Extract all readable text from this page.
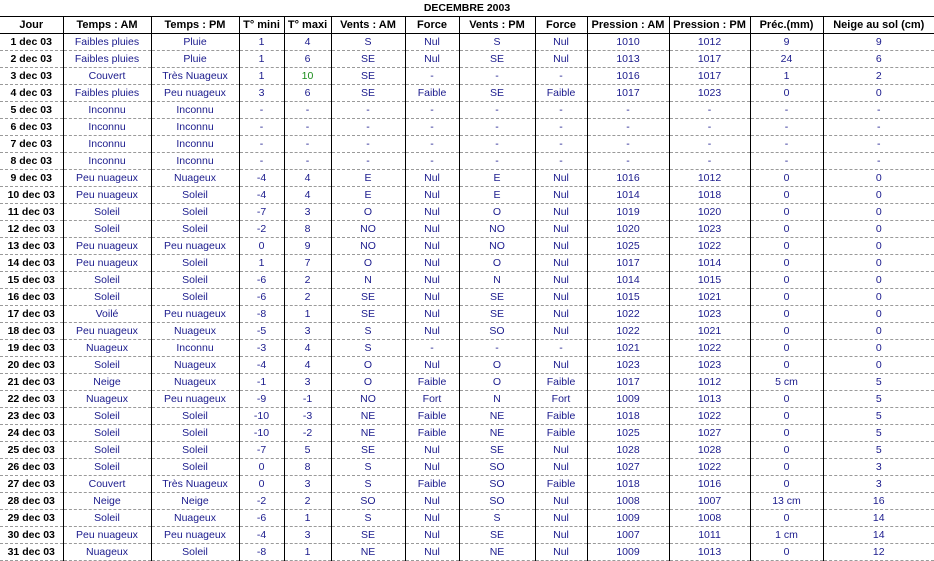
DECEMBRE 2003												
Jour	Temps : AM	Temps : PM	T° mini	T° maxi	Vents : AM	Force	Vents : PM	Force	Pression : AM	Pression : PM	Préc.(mm)	Neige au sol (cm)
1 dec 03	Faibles pluies	Pluie	1	4	S	Nul	S	Nul	1010	1012	9	9
2 dec 03	Faibles pluies	Pluie	1	6	SE	Nul	SE	Nul	1013	1017	24	6
3 dec 03	Couvert	Très Nuageux	1	10	SE	-	-	-	1016	1017	1	2
4 dec 03	Faibles pluies	Peu nuageux	3	6	SE	Faible	SE	Faible	1017	1023	0	0
5 dec 03	Inconnu	Inconnu	-	-	-	-	-	-	-	-	-	-
6 dec 03	Inconnu	Inconnu	-	-	-	-	-	-	-	-	-	-
7 dec 03	Inconnu	Inconnu	-	-	-	-	-	-	-	-	-	-
8 dec 03	Inconnu	Inconnu	-	-	-	-	-	-	-	-	-	-
9 dec 03	Peu nuageux	Nuageux	-4	4	E	Nul	E	Nul	1016	1012	0	0
10 dec 03	Peu nuageux	Soleil	-4	4	E	Nul	E	Nul	1014	1018	0	0
11 dec 03	Soleil	Soleil	-7	3	O	Nul	O	Nul	1019	1020	0	0
12 dec 03	Soleil	Soleil	-2	8	NO	Nul	NO	Nul	1020	1023	0	0
13 dec 03	Peu nuageux	Peu nuageux	0	9	NO	Nul	NO	Nul	1025	1022	0	0
14 dec 03	Peu nuageux	Soleil	1	7	O	Nul	O	Nul	1017	1014	0	0
15 dec 03	Soleil	Soleil	-6	2	N	Nul	N	Nul	1014	1015	0	0
16 dec 03	Soleil	Soleil	-6	2	SE	Nul	SE	Nul	1015	1021	0	0
17 dec 03	Voilé	Peu nuageux	-8	1	SE	Nul	SE	Nul	1022	1023	0	0
18 dec 03	Peu nuageux	Nuageux	-5	3	S	Nul	SO	Nul	1022	1021	0	0
19 dec 03	Nuageux	Inconnu	-3	4	S	-	-	-	1021	1022	0	0
20 dec 03	Soleil	Nuageux	-4	4	O	Nul	O	Nul	1023	1023	0	0
21 dec 03	Neige	Nuageux	-1	3	O	Faible	O	Faible	1017	1012	5 cm	5
22 dec 03	Nuageux	Peu nuageux	-9	-1	NO	Fort	N	Fort	1009	1013	0	5
23 dec 03	Soleil	Soleil	-10	-3	NE	Faible	NE	Faible	1018	1022	0	5
24 dec 03	Soleil	Soleil	-10	-2	NE	Faible	NE	Faible	1025	1027	0	5
25 dec 03	Soleil	Soleil	-7	5	SE	Nul	SE	Nul	1028	1028	0	5
26 dec 03	Soleil	Soleil	0	8	S	Nul	SO	Nul	1027	1022	0	3
27 dec 03	Couvert	Très Nuageux	0	3	S	Faible	SO	Faible	1018	1016	0	3
28 dec 03	Neige	Neige	-2	2	SO	Nul	SO	Nul	1008	1007	13 cm	16
29 dec 03	Soleil	Nuageux	-6	1	S	Nul	S	Nul	1009	1008	0	14
30 dec 03	Peu nuageux	Peu nuageux	-4	3	SE	Nul	SE	Nul	1007	1011	1 cm	14
31 dec 03	Nuageux	Soleil	-8	1	NE	Nul	NE	Nul	1009	1013	0	12
